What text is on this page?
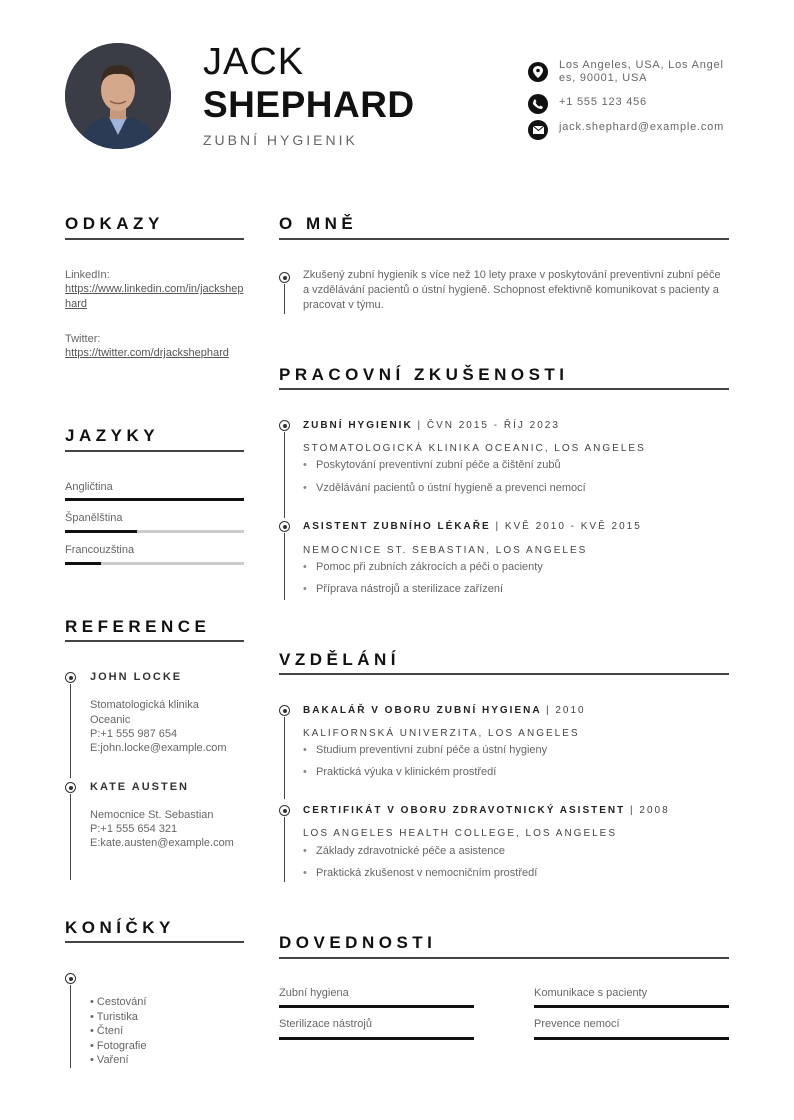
JACK
SHEPHARD
ZUBNÍ HYGIENIK
Los Angeles, USA, Los Angeles, 90001, USA
+1 555 123 456
jack.shephard@example.com
ODKAZY
LinkedIn:
https://www.linkedin.com/in/jackshephard
Twitter:
https://twitter.com/drjackshephard
JAZYKY
Angličtina
Španělština
Francouzština
REFERENCE
JOHN LOCKE
Stomatologická klinika Oceanic
P:+1 555 987 654
E:john.locke@example.com
KATE AUSTEN
Nemocnice St. Sebastian
P:+1 555 654 321
E:kate.austen@example.com
KONÍČKY
• Cestování
• Turistika
• Čtení
• Fotografie
• Vaření
O MNĚ
Zkušený zubní hygienik s více než 10 lety praxe v poskytování preventivní zubní péče a vzdělávání pacientů o ústní hygieně. Schopnost efektivně komunikovat s pacienty a pracovat v týmu.
PRACOVNÍ ZKUŠENOSTI
ZUBNÍ HYGIENIK | ČVN 2015 - ŘÍJ 2023
STOMATOLOGICKÁ KLINIKA OCEANIC, LOS ANGELES
• Poskytování preventivní zubní péče a čištění zubů
• Vzdělávání pacientů o ústní hygieně a prevenci nemocí
ASISTENT ZUBNÍHO LÉKAŘE | KVĚ 2010 - KVĚ 2015
NEMOCNICE ST. SEBASTIAN, LOS ANGELES
• Pomoc při zubních zákrocích a péči o pacienty
• Příprava nástrojů a sterilizace zařízení
VZDĚLÁNÍ
BAKALÁŘ V OBORU ZUBNÍ HYGIENA | 2010
KALIFORNSKÁ UNIVERZITA, LOS ANGELES
• Studium preventivní zubní péče a ústní hygieny
• Praktická výuka v klinickém prostředí
CERTIFIKÁT V OBORU ZDRAVOTNICKÝ ASISTENT | 2008
LOS ANGELES HEALTH COLLEGE, LOS ANGELES
• Základy zdravotnické péče a asistence
• Praktická zkušenost v nemocničním prostředí
DOVEDNOSTI
Zubní hygiena	Komunikace s pacienty
Sterilizace nástrojů	Prevence nemocí
